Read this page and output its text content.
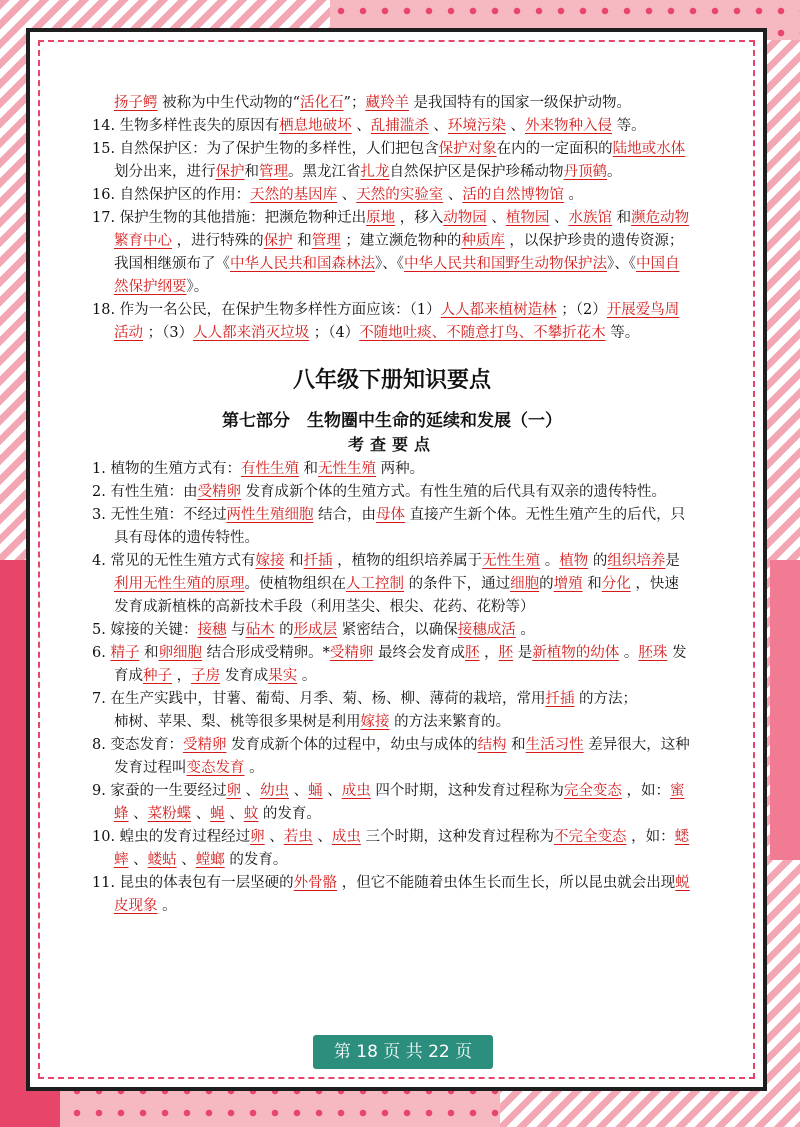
扬子鳄 被称为中生代动物的“活化石”；藏羚羊 是我国特有的国家一级保护动物。

14. 生物多样性丧失的原因有栖息地破坏 、乱捕滥杀 、环境污染 、外来物种入侵 等。

15. 自然保护区：为了保护生物的多样性，人们把包含保护对象在内的一定面积的陆地或水体 划分出来，进行保护和管理。黑龙江省扎龙自然保护区是保护珍稀动物丹顶鹤。

16. 自然保护区的作用：天然的基因库 、天然的实验室 、活的自然博物馆 。

17. 保护生物的其他措施：把濒危物种迁出原地 ，移入动物园 、植物园 、水族馆 和濒危动物繁育中心 ，进行特殊的保护 和管理 ；建立濒危物种的种质库 ，以保护珍贵的遗传资源；我国相继颁布了《中华人民共和国森林法》、《中华人民共和国野生动物保护法》、《中国自然保护纲要》。

18. 作为一名公民，在保护生物多样性方面应该：（1）人人都来植树造林 ；（2）开展爱鸟周活动 ；（3）人人都来消灭垃圾 ；（4）不随地吐痰、不随意打鸟、不攀折花木 等。

八年级下册知识要点
第七部分　生物圈中生命的延续和发展（一）
考查要点

1. 植物的生殖方式有：有性生殖 和无性生殖 两种。

2. 有性生殖：由受精卵 发育成新个体的生殖方式。有性生殖的后代具有双亲的遗传特性。

3. 无性生殖：不经过两性生殖细胞 结合，由母体 直接产生新个体。无性生殖产生的后代，只具有母体的遗传特性。

4. 常见的无性生殖方式有嫁接 和扦插 ，植物的组织培养属于无性生殖 。植物 的组织培养是利用无性生殖的原理。使植物组织在人工控制 的条件下，通过细胞的增殖 和分化 ，快速发育成新植株的高新技术手段（利用茎尖、根尖、花药、花粉等）

5. 嫁接的关键：接穗 与砧木 的形成层 紧密结合，以确保接穗成活 。

6. 精子 和卵细胞 结合形成受精卵。*受精卵 最终会发育成胚 ，胚 是新植物的幼体 。胚珠 发育成种子 ，子房 发育成果实 。

7. 在生产实践中，甘薯、葡萄、月季、菊、杨、柳、薄荷的栽培，常用扦插 的方法；

柿树、苹果、梨、桃等很多果树是利用嫁接 的方法来繁育的。

8. 变态发育：受精卵 发育成新个体的过程中，幼虫与成体的结构 和生活习性 差异很大，这种发育过程叫变态发育 。

9. 家蚕的一生要经过卵 、幼虫 、蛹 、成虫 四个时期，这种发育过程称为完全变态 ，如：蜜蜂 、菜粉蝶 、蝇 、蚊 的发育。

10. 蝗虫的发育过程经过卵 、若虫 、成虫 三个时期，这种发育过程称为不完全变态 ，如：蟋蟀 、蝼蛄 、螳螂 的发育。

11. 昆虫的体表包有一层坚硬的外骨骼 ，但它不能随着虫体生长而生长，所以昆虫就会出现蜕皮现象 。

第 18 页 共 22 页
